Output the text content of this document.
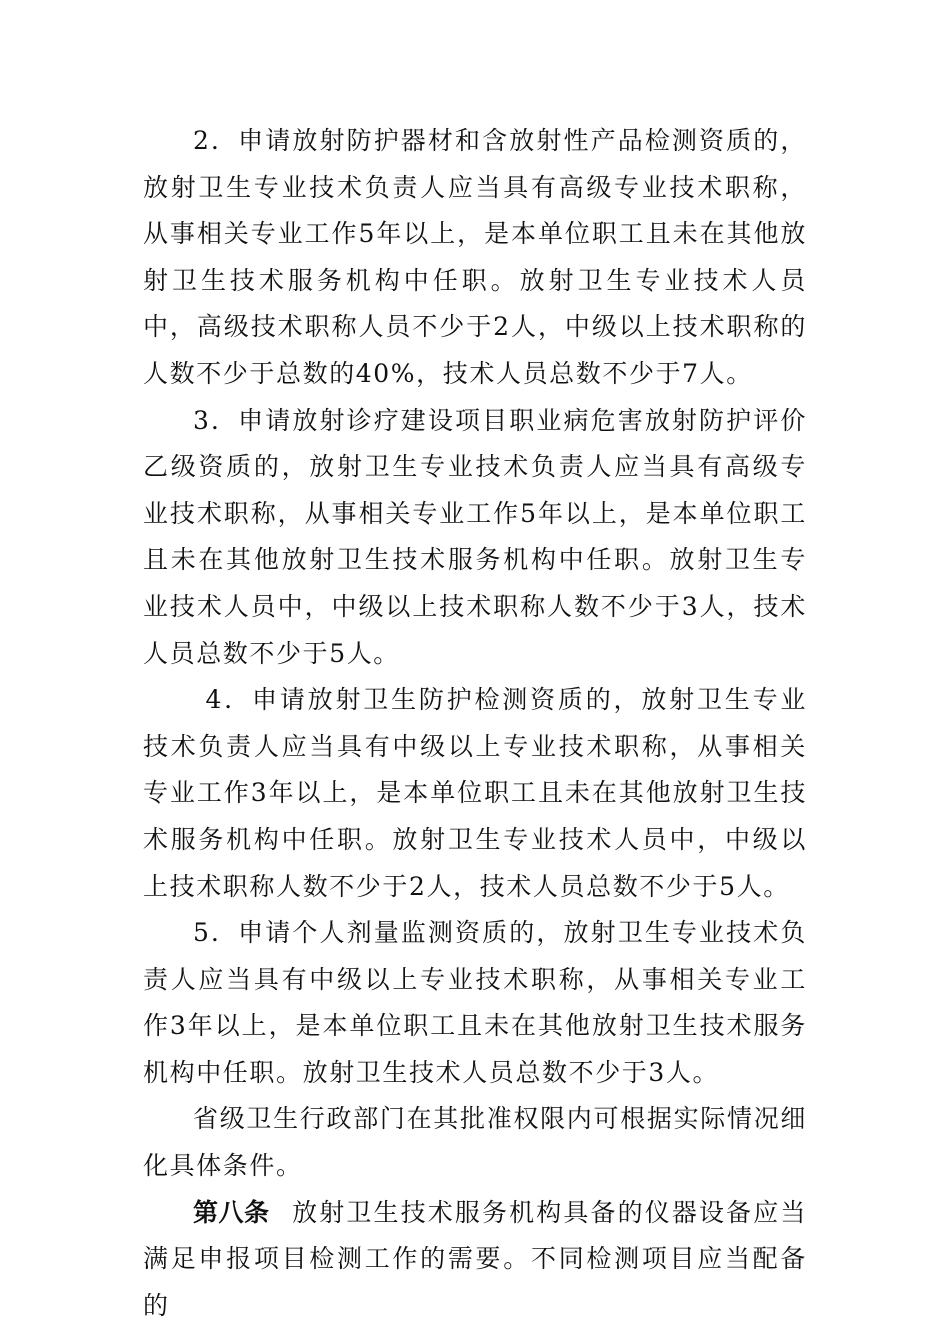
2．申请放射防护器材和含放射性产品检测资质的，放射卫生专业技术负责人应当具有高级专业技术职称，从事相关专业工作5年以上，是本单位职工且未在其他放射卫生技术服务机构中任职。放射卫生专业技术人员中，高级技术职称人员不少于2人，中级以上技术职称的人数不少于总数的40%，技术人员总数不少于7人。

3．申请放射诊疗建设项目职业病危害放射防护评价乙级资质的，放射卫生专业技术负责人应当具有高级专业技术职称，从事相关专业工作5年以上，是本单位职工且未在其他放射卫生技术服务机构中任职。放射卫生专业技术人员中，中级以上技术职称人数不少于3人，技术人员总数不少于5人。

4．申请放射卫生防护检测资质的，放射卫生专业技术负责人应当具有中级以上专业技术职称，从事相关专业工作3年以上，是本单位职工且未在其他放射卫生技术服务机构中任职。放射卫生专业技术人员中，中级以上技术职称人数不少于2人，技术人员总数不少于5人。

5．申请个人剂量监测资质的，放射卫生专业技术负责人应当具有中级以上专业技术职称，从事相关专业工作3年以上，是本单位职工且未在其他放射卫生技术服务机构中任职。放射卫生技术人员总数不少于3人。

省级卫生行政部门在其批准权限内可根据实际情况细化具体条件。

第八条 放射卫生技术服务机构具备的仪器设备应当满足申报项目检测工作的需要。不同检测项目应当配备的
